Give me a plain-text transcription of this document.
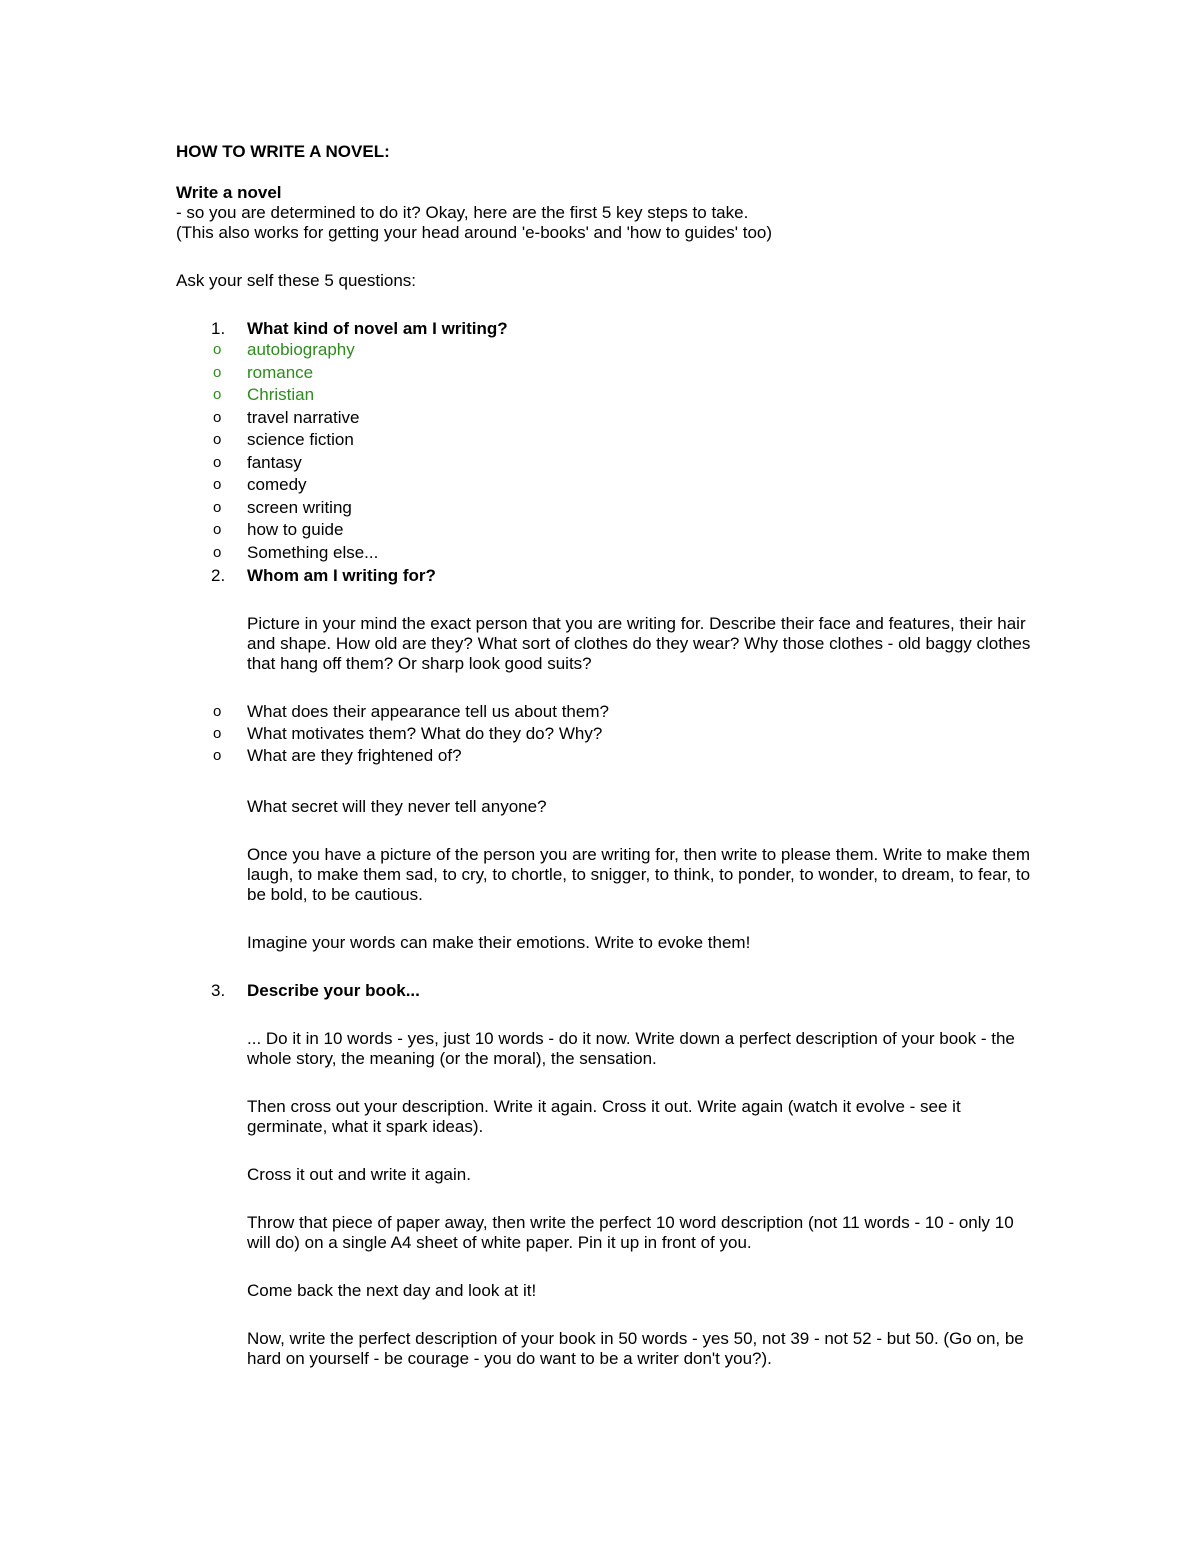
HOW TO WRITE A NOVEL:
Write a novel
- so you are determined to do it? Okay, here are the first 5 key steps to take.
(This also works for getting your head around 'e-books' and 'how to guides' too)
Ask your self these 5 questions:
1.	What kind of novel am I writing?
o autobiography
o romance
o Christian
o travel narrative
o science fiction
o fantasy
o comedy
o screen writing
o how to guide
o Something else...
2.	Whom am I writing for?
Picture in your mind the exact person that you are writing for. Describe their face and features, their hair and shape. How old are they? What sort of clothes do they wear? Why those clothes - old baggy clothes that hang off them? Or sharp look good suits?
o What does their appearance tell us about them?
o What motivates them? What do they do? Why?
o What are they frightened of?
What secret will they never tell anyone?
Once you have a picture of the person you are writing for, then write to please them. Write to make them laugh, to make them sad, to cry, to chortle, to snigger, to think, to ponder, to wonder, to dream, to fear, to be bold, to be cautious.
Imagine your words can make their emotions. Write to evoke them!
3.	Describe your book...
... Do it in 10 words - yes, just 10 words - do it now. Write down a perfect description of your book - the whole story, the meaning (or the moral), the sensation.
Then cross out your description. Write it again. Cross it out. Write again (watch it evolve - see it germinate, what it spark ideas).
Cross it out and write it again.
Throw that piece of paper away, then write the perfect 10 word description (not 11 words - 10 - only 10 will do) on a single A4 sheet of white paper. Pin it up in front of you.
Come back the next day and look at it!
Now, write the perfect description of your book in 50 words - yes 50, not 39 - not 52 - but 50. (Go on, be hard on yourself - be courage - you do want to be a writer don't you?).
